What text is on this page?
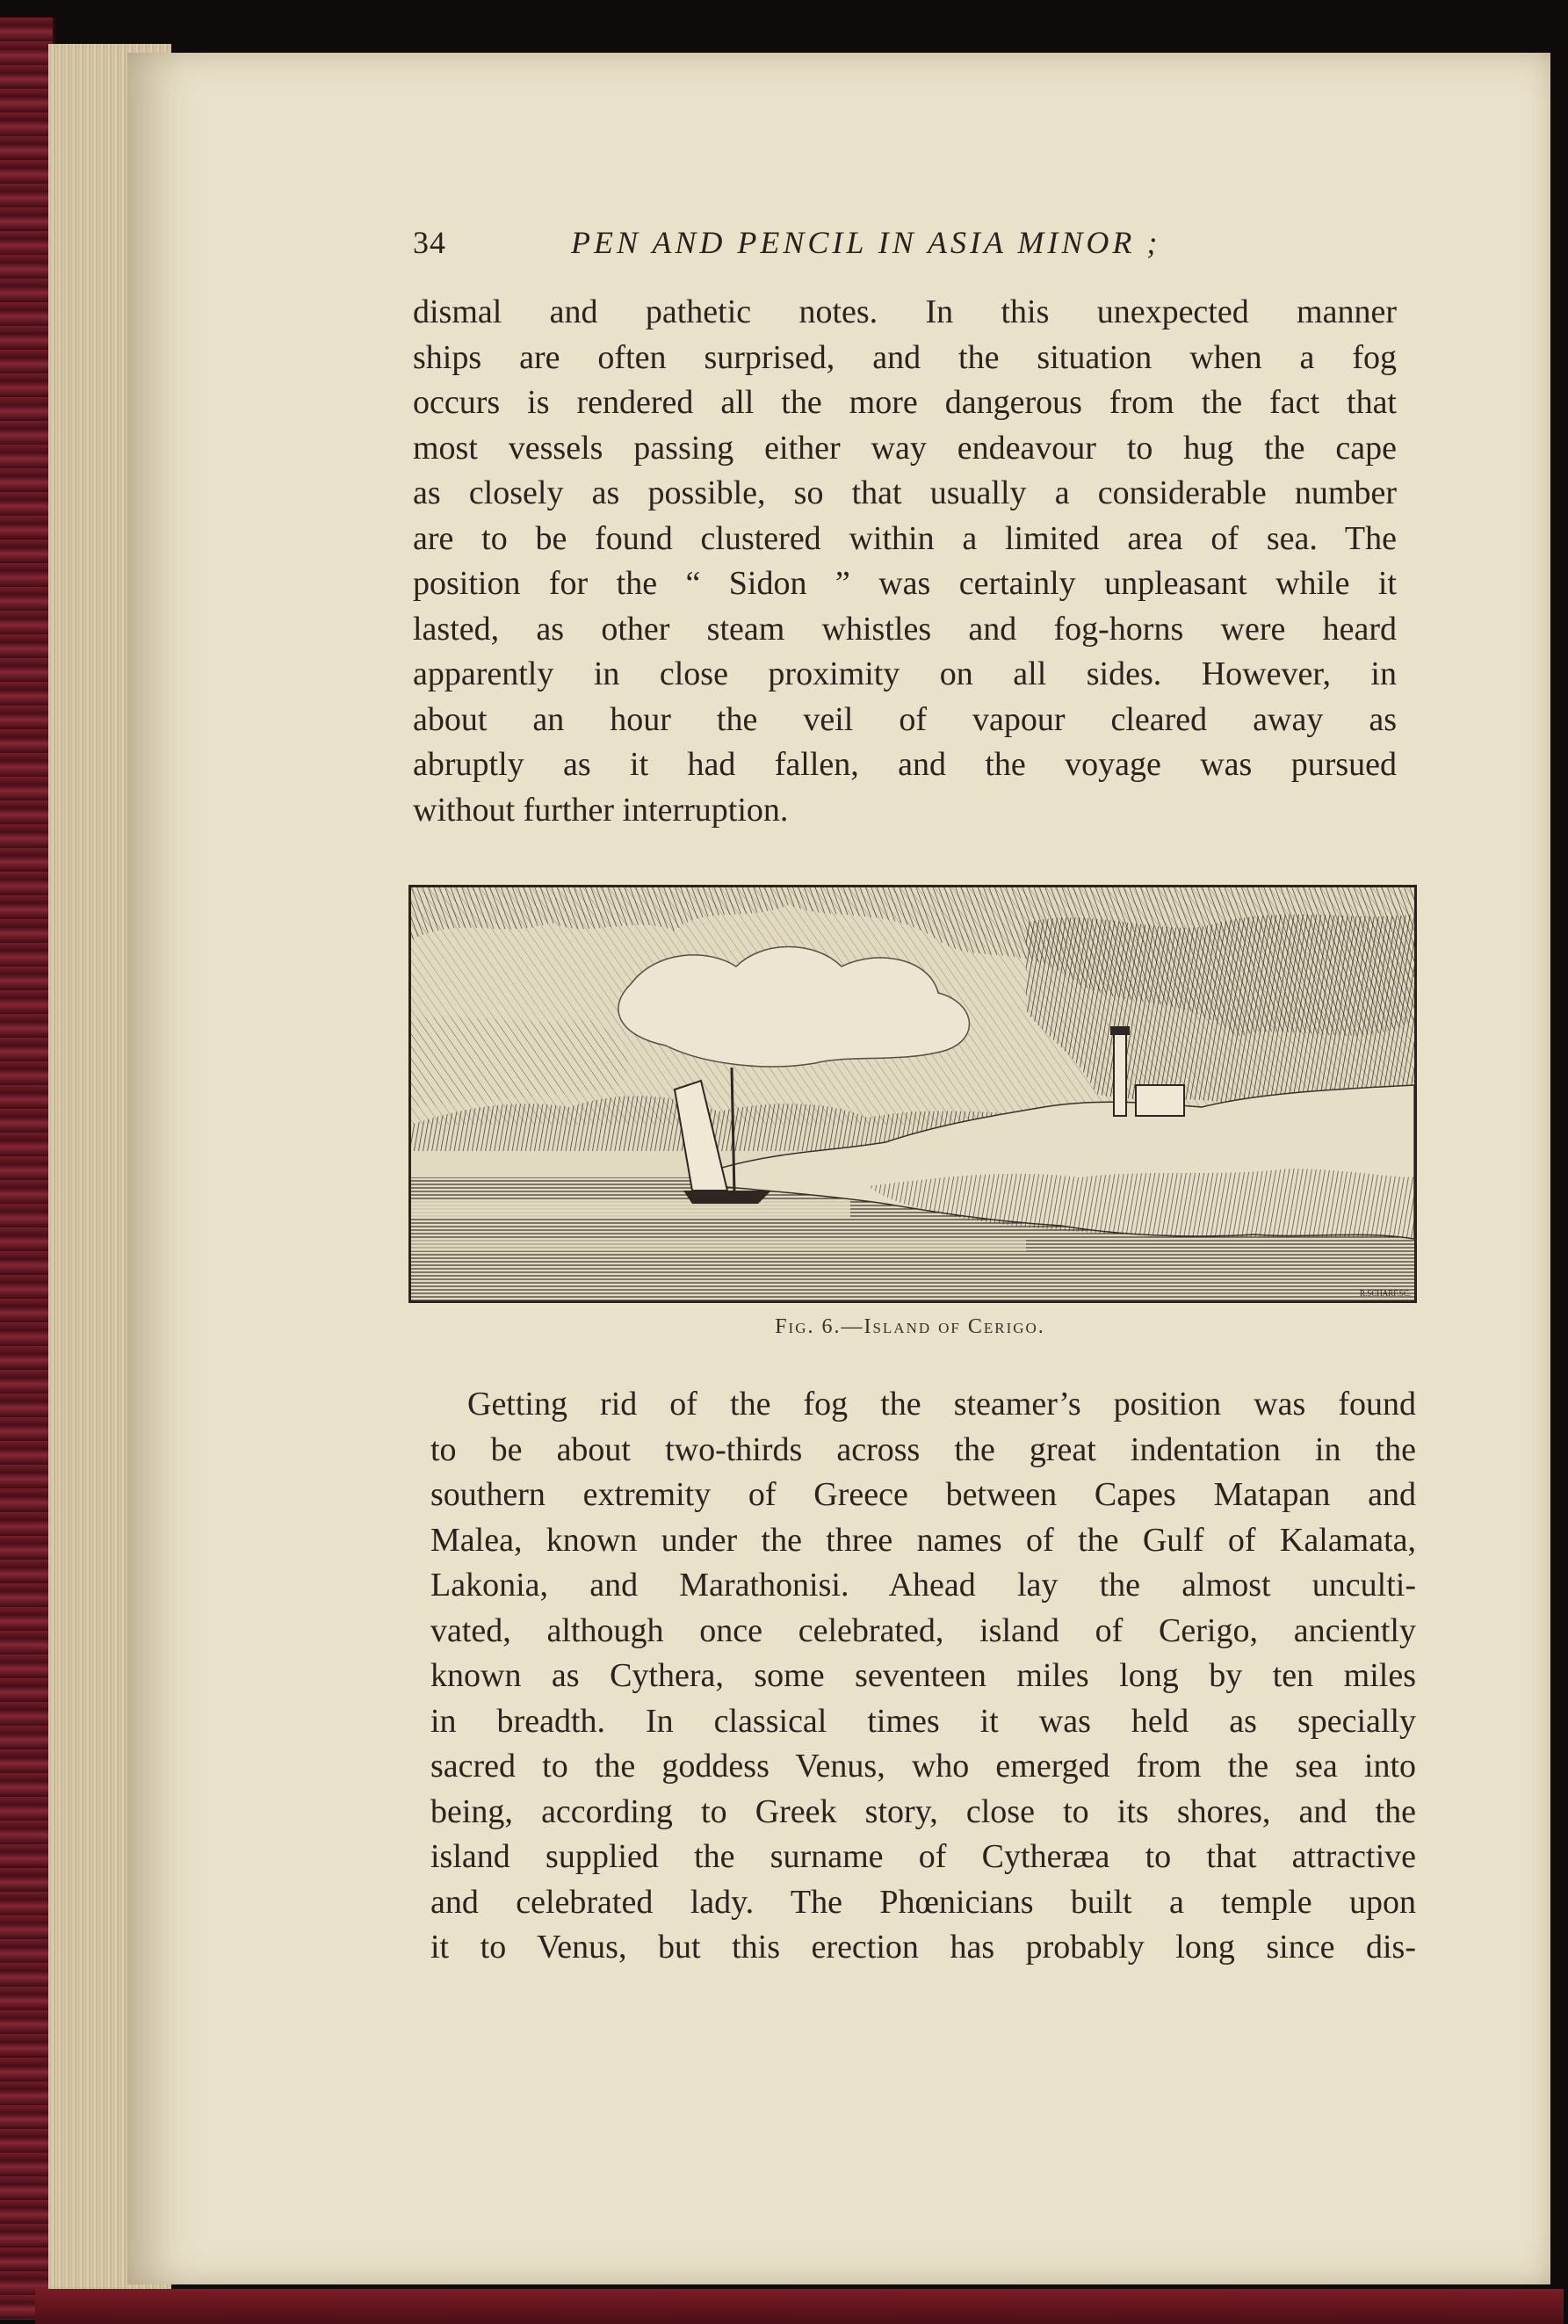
34	PEN AND PENCIL IN ASIA MINOR ;
dismal and pathetic notes. In this unexpected manner
ships are often surprised, and the situation when a fog
occurs is rendered all the more dangerous from the fact that
most vessels passing either way endeavour to hug the cape
as closely as possible, so that usually a considerable number
are to be found clustered within a limited area of sea. The
position for the “ Sidon ” was certainly unpleasant while it
lasted, as other steam whistles and fog-horns were heard
apparently in close proximity on all sides. However, in
about an hour the veil of vapour cleared away as
abruptly as it had fallen, and the voyage was pursued
without further interruption.
R.SCHARF.SC.
Fig. 6.—Island of Cerigo.
Getting rid of the fog the steamer’s position was found
to be about two-thirds across the great indentation in the
southern extremity of Greece between Capes Matapan and
Malea, known under the three names of the Gulf of Kalamata,
Lakonia, and Marathonisi. Ahead lay the almost unculti-
vated, although once celebrated, island of Cerigo, anciently
known as Cythera, some seventeen miles long by ten miles
in breadth. In classical times it was held as specially
sacred to the goddess Venus, who emerged from the sea into
being, according to Greek story, close to its shores, and the
island supplied the surname of Cytheræa to that attractive
and celebrated lady. The Phœnicians built a temple upon
it to Venus, but this erection has probably long since dis-
